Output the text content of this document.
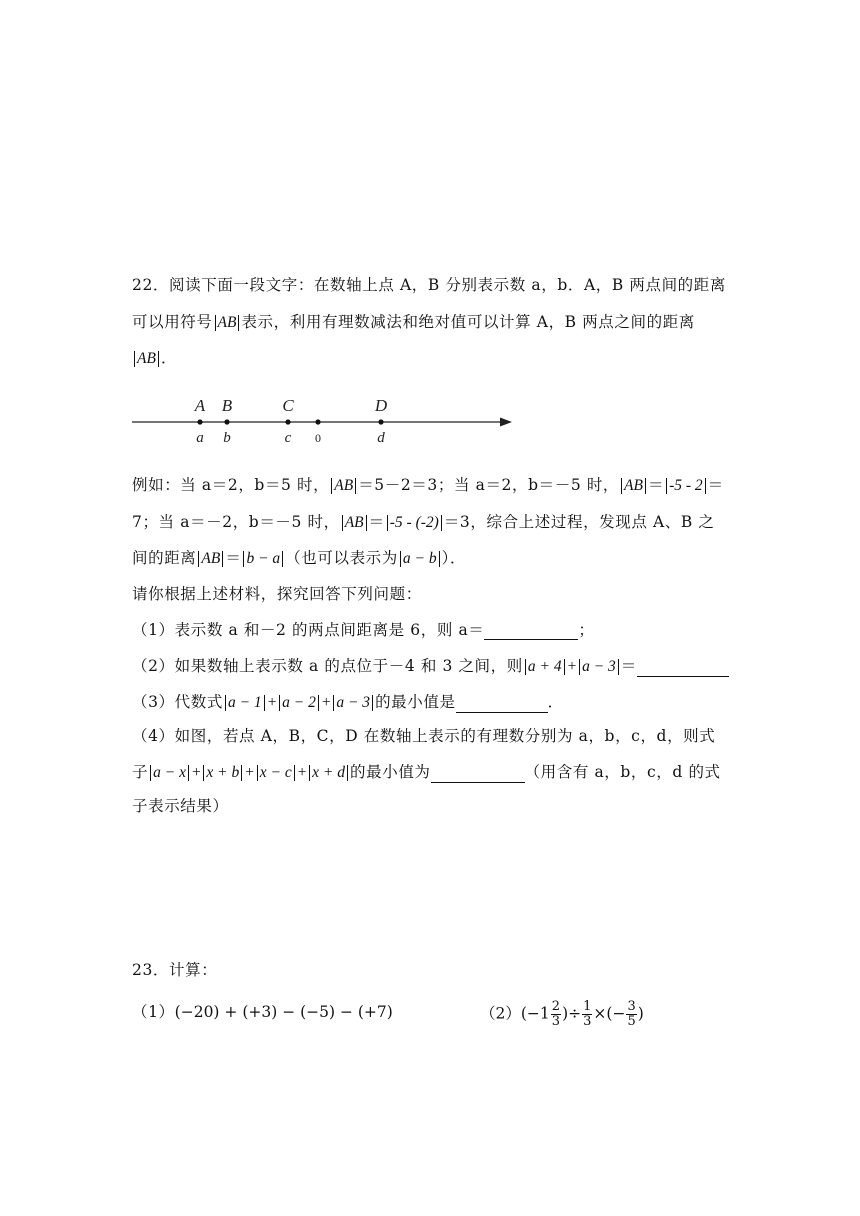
22．阅读下面一段文字：在数轴上点 A，B 分别表示数 a，b．A，B 两点间的距离
可以用符号 AB 表示，利用有理数减法和绝对值可以计算 A，B 两点之间的距离
AB ．
A
a
B
b
C
c 0
D
d
例如：当 a＝2，b＝5 时， AB ＝5－2＝3；当 a＝2，b＝－5 时， AB ＝ -5 - 2 ＝
7；当 a＝－2，b＝－5 时， AB ＝ -5 - (-2) ＝3，综合上述过程，发现点 A、B 之
间的距离 AB ＝ b − a （也可以表示为 a − b ）．
请你根据上述材料，探究回答下列问题：
（1）表示数 a 和－2 的两点间距离是 6，则 a＝	；
（2）如果数轴上表示数 a 的点位于－4 和 3 之间，则 a + 4 + a − 3 ＝
（3）代数式 a − 1 + a − 2 + a − 3 的最小值是	．
（4）如图，若点 A，B，C，D 在数轴上表示的有理数分别为 a，b，c，d，则式
子 a − x + x + b + x − c + x + d 的最小值为	（用含有 a，b，c，d 的式
子表示结果）
23．计算：
（1）(−20) + (+3) − (−5) − (+7)	$(2)(-1 \frac{2}{3}$ )÷ $\frac{1}{3}$ ×(− $\frac{3}{5}$ )
